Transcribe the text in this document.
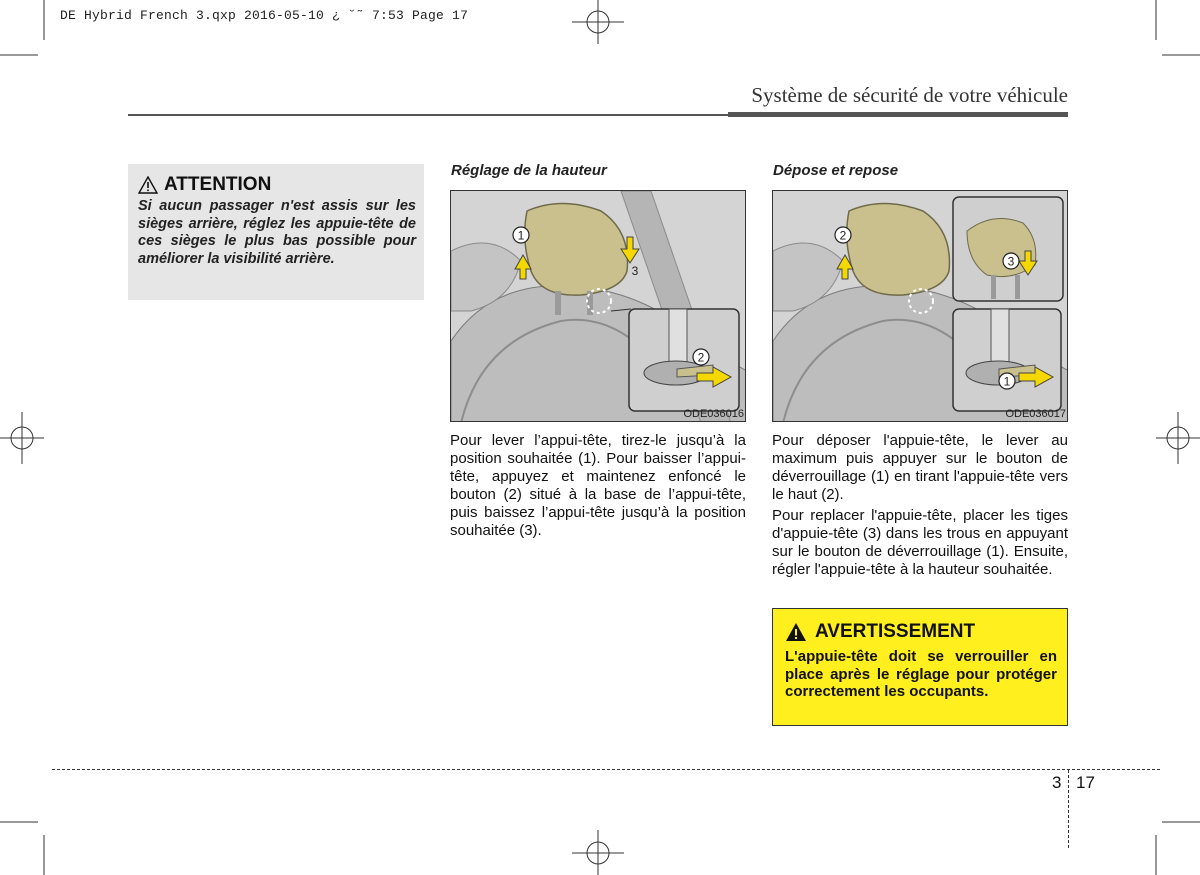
DE Hybrid French 3.qxp 2016-05-10 ¿ ˘˜ 7:53 Page 17
Système de sécurité de votre véhicule
ATTENTION
Si aucun passager n'est assis sur les sièges arrière, réglez les appuie-tête de ces sièges le plus bas possible pour améliorer la visibilité arrière.
Réglage de la hauteur
1
2
3
ODE036016

Pour lever l’appui-tête, tirez-le jusqu’à la position souhaitée (1). Pour baisser l’appui-tête, appuyez et maintenez enfoncé le bouton (2) situé à la base de l’appui-tête, puis baissez l’appui-tête jusqu’à la position souhaitée (3).

Dépose et repose
2
3
1
ODE036017

Pour déposer l'appuie-tête, le lever au maximum puis appuyer sur le bouton de déverrouillage (1) en tirant l'appuie-tête vers le haut (2).

Pour replacer l'appuie-tête, placer les tiges d'appuie-tête (3) dans les trous en appuyant sur le bouton de déverrouillage (1). Ensuite, régler l'appuie-tête à la hauteur souhaitée.

AVERTISSEMENT
L'appuie-tête doit se verrouiller en place après le réglage pour protéger correctement les occupants.
3 17
